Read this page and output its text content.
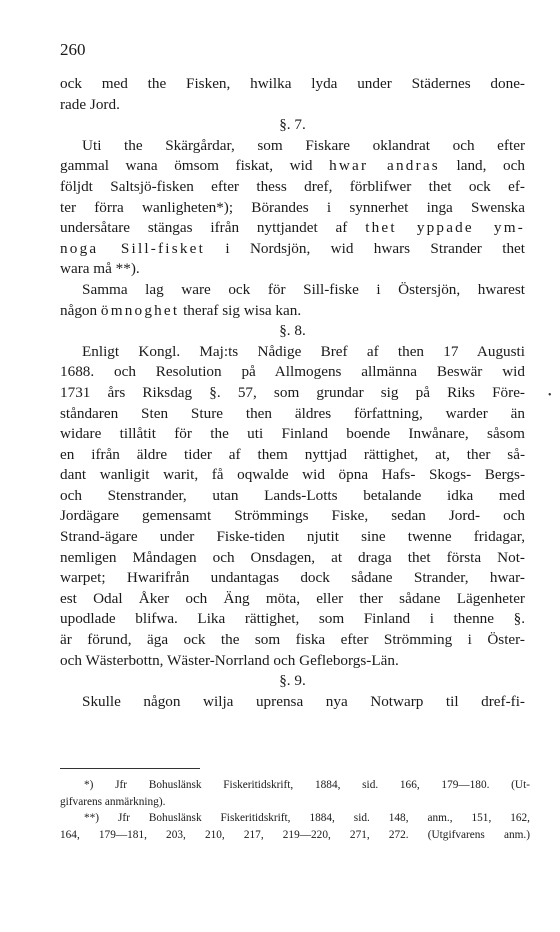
260
ock med the Fisken, hwilka lyda under Städernes done-
rade Jord.
§. 7.
Uti the Skärgårdar, som Fiskare oklandrat och efter
gammal wana ömsom fiskat, wid hwar andras land, och
följdt Saltsjö-fisken efter thess dref, förblifwer thet ock ef-
ter förra wanligheten*); Börandes i synnerhet inga Swenska
undersåtare stängas ifrån nyttjandet af thet yppade ym-
noga Sill-fisket i Nordsjön, wid hwars Strander thet
wara må **).
Samma lag ware ock för Sill-fiske i Östersjön, hwarest
någon ömnoghet theraf sig wisa kan.
§. 8.
Enligt Kongl. Maj:ts Nådige Bref af then 17 Augusti
1688. och Resolution på Allmogens allmänna Beswär wid
1731 års Riksdag §. 57, som grundar sig på Riks Före-
ståndaren Sten Sture then äldres författning, warder än
widare tillåtit för the uti Finland boende Inwånare, såsom
en ifrån äldre tider af them nyttjad rättighet, at, ther så-
dant wanligit warit, få oqwalde wid öpna Hafs- Skogs- Bergs-
och Stenstrander, utan Lands-Lotts betalande idka med
Jordägare gemensamt Strömmings Fiske, sedan Jord- och
Strand-ägare under Fiske-tiden njutit sine twenne fridagar,
nemligen Måndagen och Onsdagen, at draga thet första Not-
warpet; Hwarifrån undantagas dock sådane Strander, hwar-
est Odal Åker och Äng möta, eller ther sådane Lägenheter
upodlade blifwa. Lika rättighet, som Finland i thenne §.
är förund, äga ock the som fiska efter Strömming i Öster-
och Wästerbottn, Wäster-Norrland och Gefleborgs-Län.
§. 9.
Skulle någon wilja uprensa nya Notwarp til dref-fi-
*) Jfr Bohuslänsk Fiskeritidskrift, 1884, sid. 166, 179—180. (Ut-
gifvarens anmärkning).
**) Jfr Bohuslänsk Fiskeritidskrift, 1884, sid. 148, anm., 151, 162,
164, 179—181, 203, 210, 217, 219—220, 271, 272. (Utgifvarens anm.)
•
